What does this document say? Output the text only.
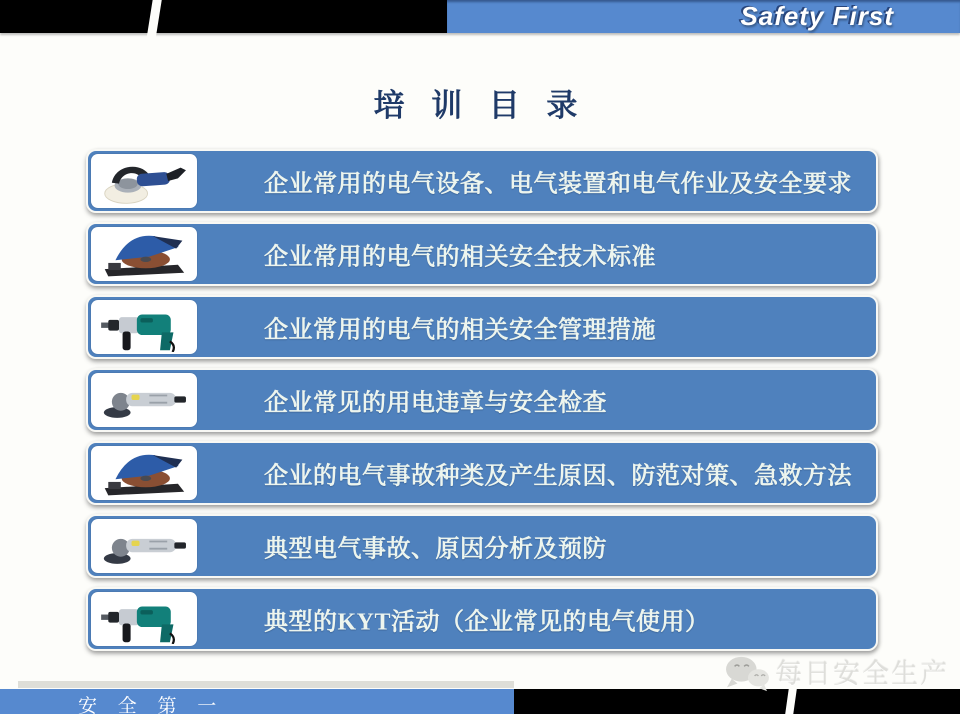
Safety First
培 训 目 录
企业常用的电气设备、电气装置和电气作业及安全要求
企业常用的电气的相关安全技术标准
企业常用的电气的相关安全管理措施
企业常见的用电违章与安全检查
企业的电气事故种类及产生原因、防范对策、急救方法
典型电气事故、原因分析及预防
典型的KYT活动（企业常见的电气使用）
安 全 第 一
每日安全生产
